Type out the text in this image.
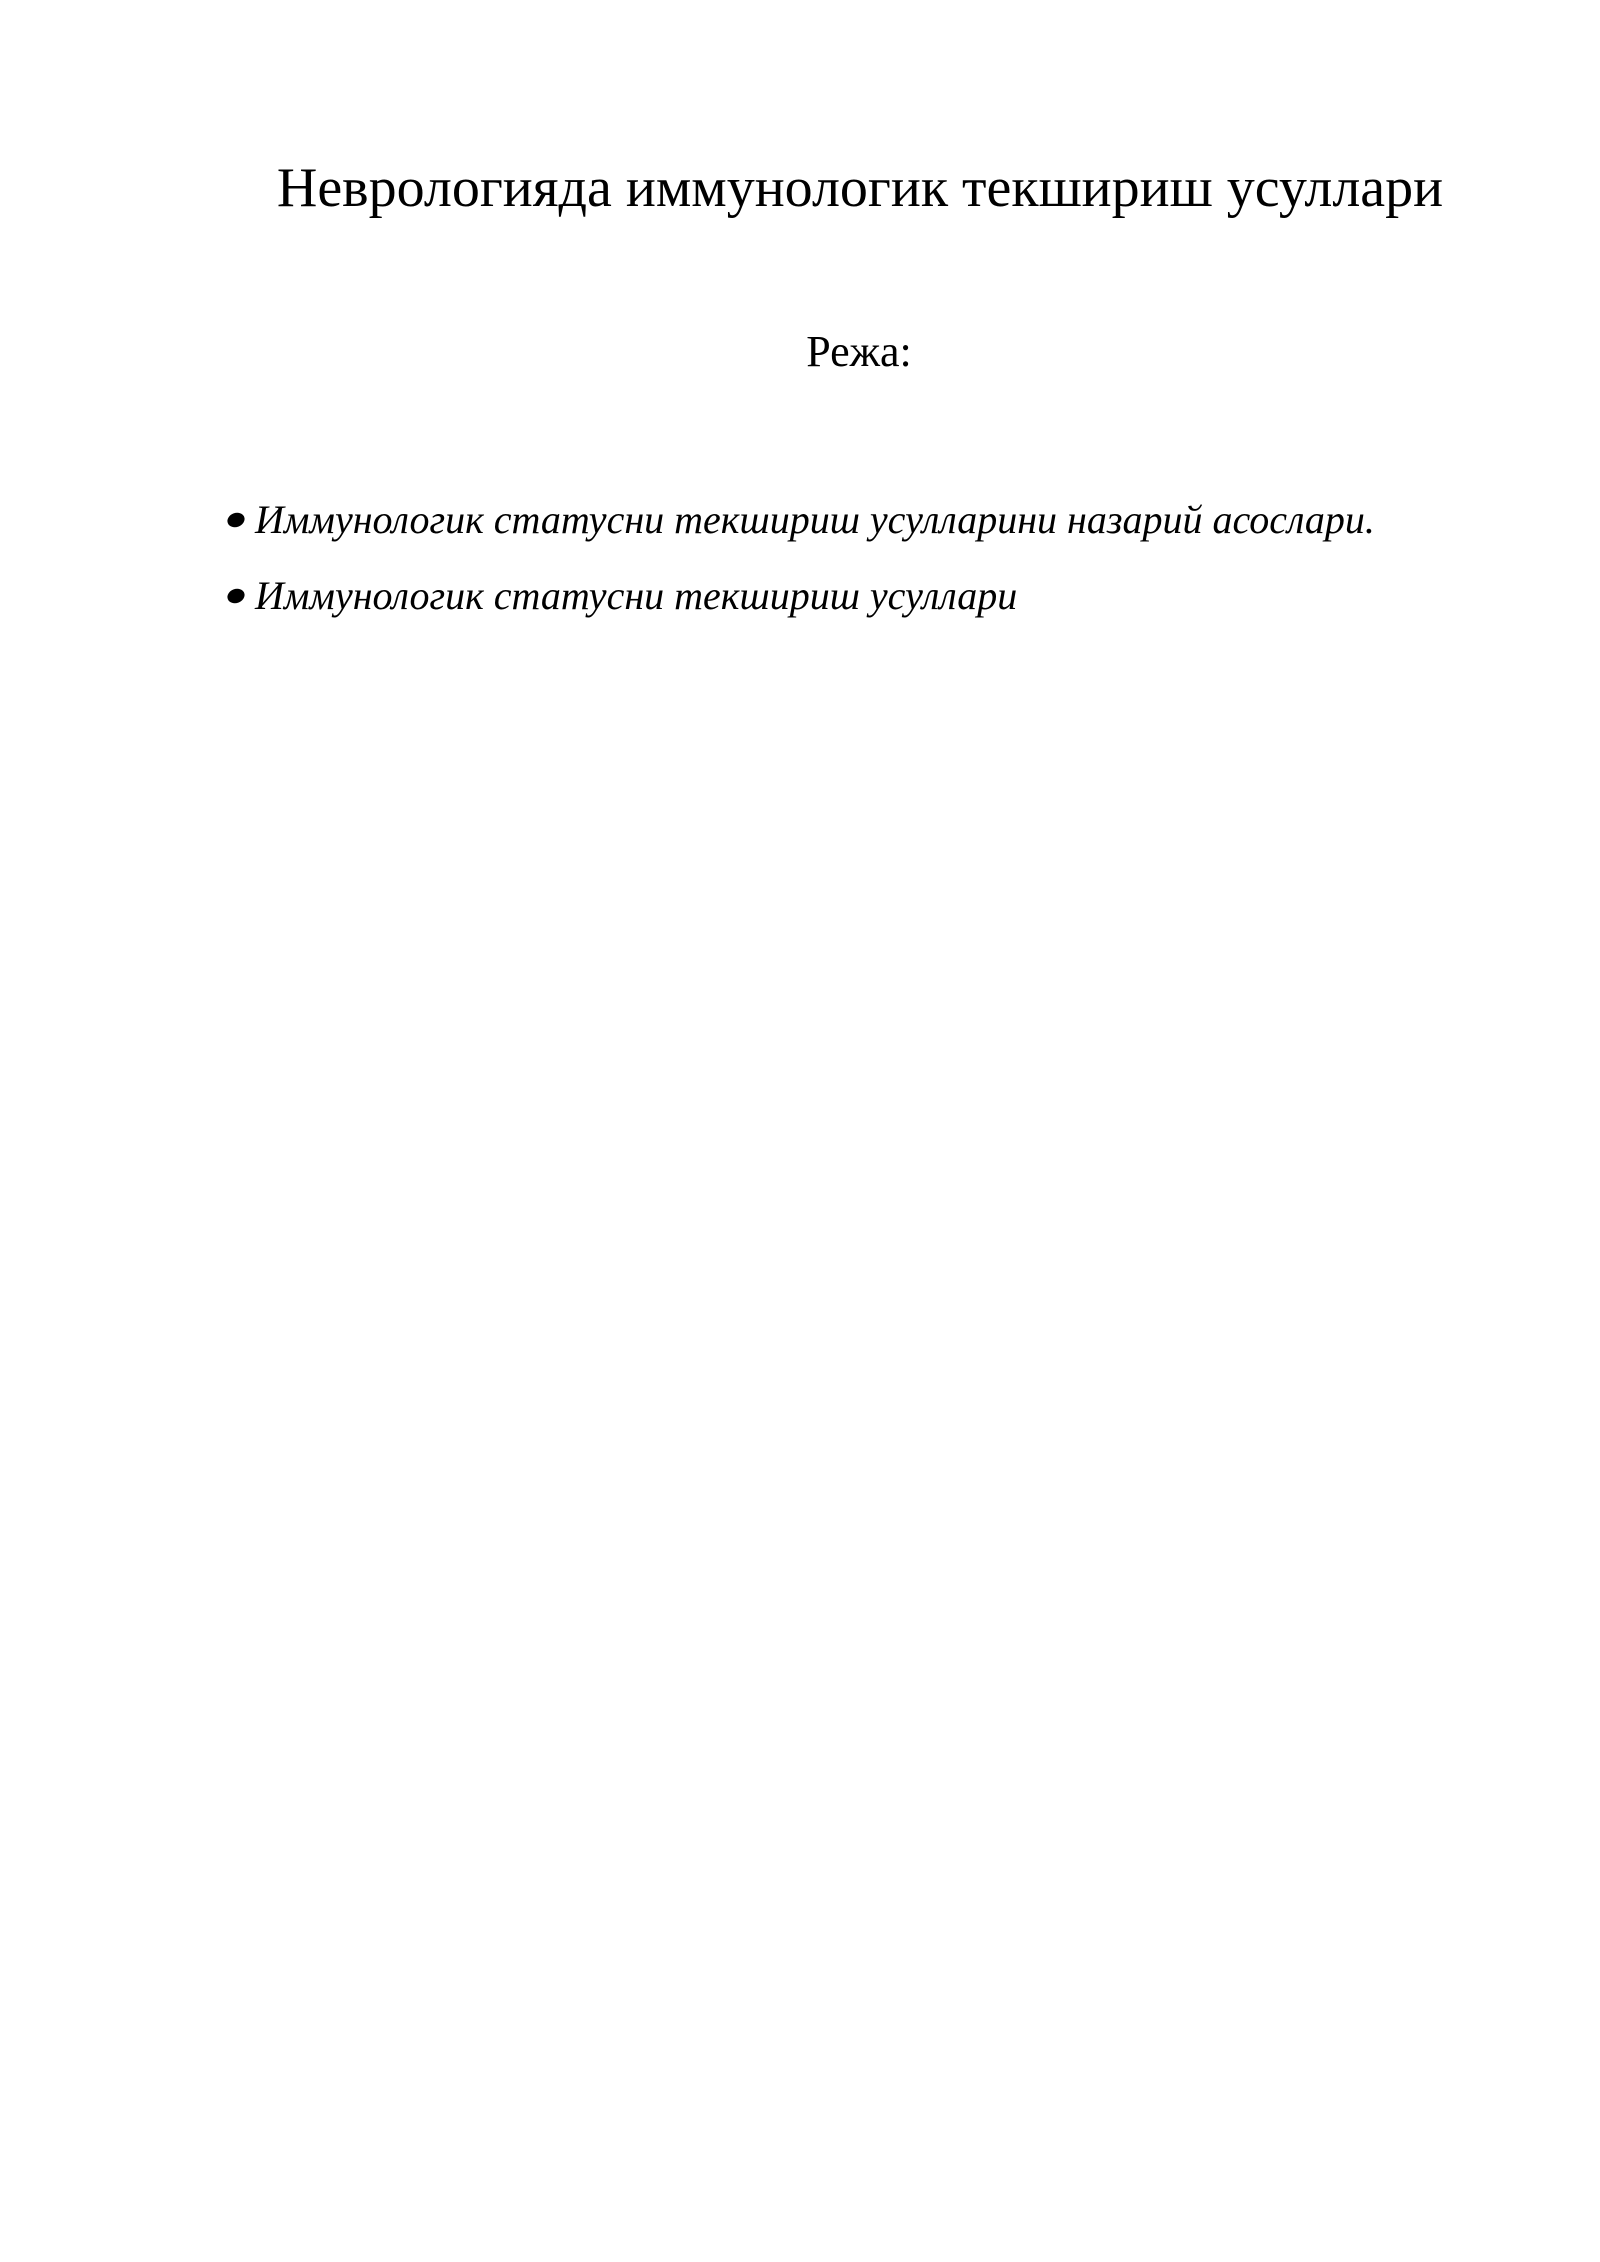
Неврологияда иммунологик текшириш усуллари

Режа:

Иммунологик статусни текшириш усулларини назарий асослари.
Иммунологик статусни текшириш усуллари
